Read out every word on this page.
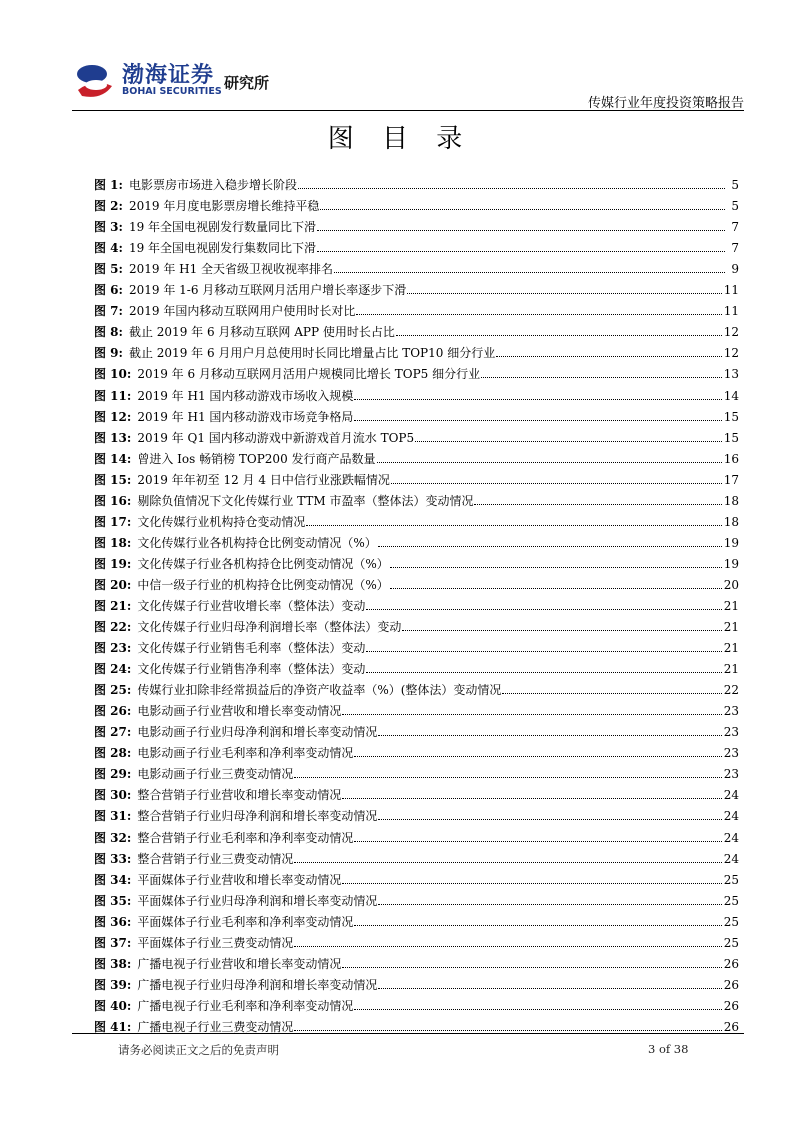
渤海证券
BOHAI SECURITIES 研究所
传媒行业年度投资策略报告
图 目 录
图 1: 电影票房市场进入稳步增长阶段	5
图 2: 2019 年月度电影票房增长维持平稳	5
图 3: 19 年全国电视剧发行数量同比下滑	7
图 4: 19 年全国电视剧发行集数同比下滑	7
图 5: 2019 年 H1 全天省级卫视收视率排名	9
图 6: 2019 年 1-6 月移动互联网月活用户增长率逐步下滑	11
图 7: 2019 年国内移动互联网用户使用时长对比	11
图 8: 截止 2019 年 6 月移动互联网 APP 使用时长占比	12
图 9: 截止 2019 年 6 月用户月总使用时长同比增量占比 TOP10 细分行业	12
图 10: 2019 年 6 月移动互联网月活用户规模同比增长 TOP5 细分行业	13
图 11: 2019 年 H1 国内移动游戏市场收入规模	14
图 12: 2019 年 H1 国内移动游戏市场竞争格局	15
图 13: 2019 年 Q1 国内移动游戏中新游戏首月流水 TOP5	15
图 14: 曾进入 Ios 畅销榜 TOP200 发行商产品数量	16
图 15: 2019 年年初至 12 月 4 日中信行业涨跌幅情况	17
图 16: 剔除负值情况下文化传媒行业 TTM 市盈率（整体法）变动情况	18
图 17: 文化传媒行业机构持仓变动情况	18
图 18: 文化传媒行业各机构持仓比例变动情况（%）	19
图 19: 文化传媒子行业各机构持仓比例变动情况（%）	19
图 20: 中信一级子行业的机构持仓比例变动情况（%）	20
图 21: 文化传媒子行业营收增长率（整体法）变动	21
图 22: 文化传媒子行业归母净利润增长率（整体法）变动	21
图 23: 文化传媒子行业销售毛利率（整体法）变动	21
图 24: 文化传媒子行业销售净利率（整体法）变动	21
图 25: 传媒行业扣除非经常损益后的净资产收益率（%）(整体法）变动情况	22
图 26: 电影动画子行业营收和增长率变动情况	23
图 27: 电影动画子行业归母净利润和增长率变动情况	23
图 28: 电影动画子行业毛利率和净利率变动情况	23
图 29: 电影动画子行业三费变动情况	23
图 30: 整合营销子行业营收和增长率变动情况	24
图 31: 整合营销子行业归母净利润和增长率变动情况	24
图 32: 整合营销子行业毛利率和净利率变动情况	24
图 33: 整合营销子行业三费变动情况	24
图 34: 平面媒体子行业营收和增长率变动情况	25
图 35: 平面媒体子行业归母净利润和增长率变动情况	25
图 36: 平面媒体子行业毛利率和净利率变动情况	25
图 37: 平面媒体子行业三费变动情况	25
图 38: 广播电视子行业营收和增长率变动情况	26
图 39: 广播电视子行业归母净利润和增长率变动情况	26
图 40: 广播电视子行业毛利率和净利率变动情况	26
图 41: 广播电视子行业三费变动情况	26
请务必阅读正文之后的免责声明	3 of 38
